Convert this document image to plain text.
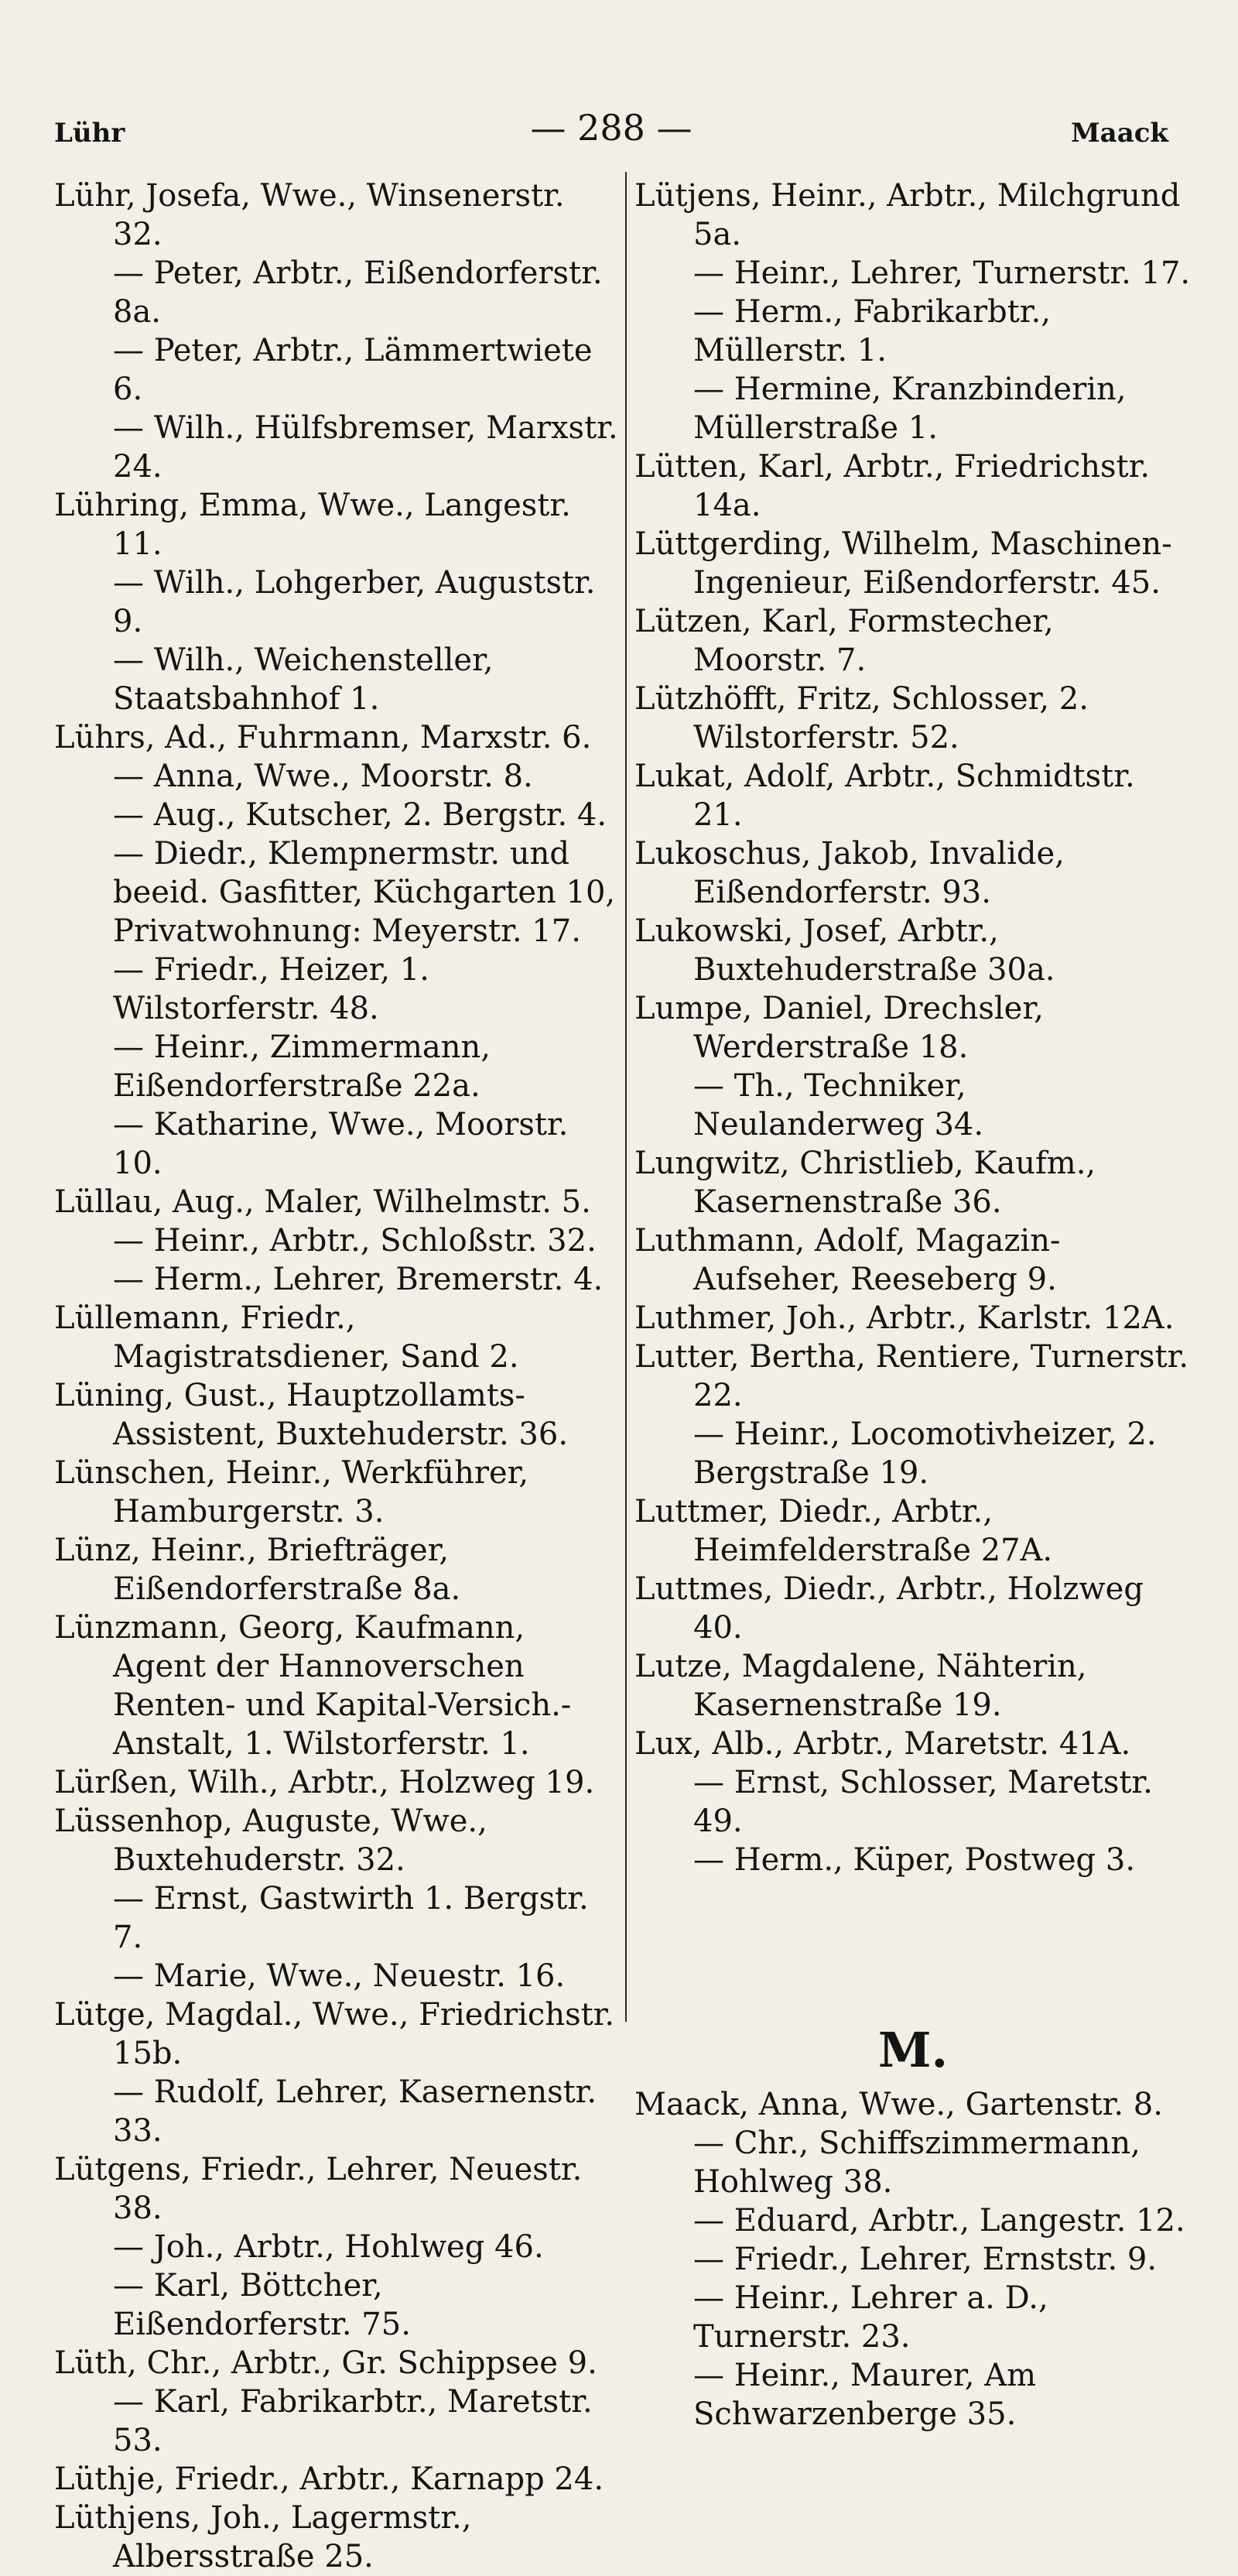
Lühr	— 288 —	Maack
Lühr, Josefa, Wwe., Winsenerstr. 32.
— Peter, Arbtr., Eißendorferstr. 8a.
— Peter, Arbtr., Lämmertwiete 6.
— Wilh., Hülfsbremser, Marxstr. 24.
Lühring, Emma, Wwe., Langestr. 11.
— Wilh., Lohgerber, Auguststr. 9.
— Wilh., Weichensteller, Staatsbahnhof 1.
Lührs, Ad., Fuhrmann, Marxstr. 6.
— Anna, Wwe., Moorstr. 8.
— Aug., Kutscher, 2. Bergstr. 4.
— Diedr., Klempnermstr. und beeid. Gasfitter, Küchgarten 10, Privatwohnung: Meyerstr. 17.
— Friedr., Heizer, 1. Wilstorferstr. 48.
— Heinr., Zimmermann, Eißendorferstraße 22a.
— Katharine, Wwe., Moorstr. 10.
Lüllau, Aug., Maler, Wilhelmstr. 5.
— Heinr., Arbtr., Schloßstr. 32.
— Herm., Lehrer, Bremerstr. 4.
Lüllemann, Friedr., Magistratsdiener, Sand 2.
Lüning, Gust., Hauptzollamts-Assistent, Buxtehuderstr. 36.
Lünschen, Heinr., Werkführer, Hamburgerstr. 3.
Lünz, Heinr., Briefträger, Eißendorferstraße 8a.
Lünzmann, Georg, Kaufmann, Agent der Hannoverschen Renten- und Kapital-Versich.-Anstalt, 1. Wilstorferstr. 1.
Lürßen, Wilh., Arbtr., Holzweg 19.
Lüssenhop, Auguste, Wwe., Buxtehuderstr. 32.
— Ernst, Gastwirth 1. Bergstr. 7.
— Marie, Wwe., Neuestr. 16.
Lütge, Magdal., Wwe., Friedrichstr. 15b.
— Rudolf, Lehrer, Kasernenstr. 33.
Lütgens, Friedr., Lehrer, Neuestr. 38.
— Joh., Arbtr., Hohlweg 46.
— Karl, Böttcher, Eißendorferstr. 75.
Lüth, Chr., Arbtr., Gr. Schippsee 9.
— Karl, Fabrikarbtr., Maretstr. 53.
Lüthje, Friedr., Arbtr., Karnapp 24.
Lüthjens, Joh., Lagermstr., Albersstraße 25.
Lütjens, Heinr., Arbtr., Milchgrund 5a.
— Heinr., Lehrer, Turnerstr. 17.
— Herm., Fabrikarbtr., Müllerstr. 1.
— Hermine, Kranzbinderin, Müllerstraße 1.
Lütten, Karl, Arbtr., Friedrichstr. 14a.
Lüttgerding, Wilhelm, Maschinen-Ingenieur, Eißendorferstr. 45.
Lützen, Karl, Formstecher, Moorstr. 7.
Lützhöfft, Fritz, Schlosser, 2. Wilstorferstr. 52.
Lukat, Adolf, Arbtr., Schmidtstr. 21.
Lukoschus, Jakob, Invalide, Eißendorferstr. 93.
Lukowski, Josef, Arbtr., Buxtehuderstraße 30a.
Lumpe, Daniel, Drechsler, Werderstraße 18.
— Th., Techniker, Neulanderweg 34.
Lungwitz, Christlieb, Kaufm., Kasernenstraße 36.
Luthmann, Adolf, Magazin-Aufseher, Reeseberg 9.
Luthmer, Joh., Arbtr., Karlstr. 12A.
Lutter, Bertha, Rentiere, Turnerstr. 22.
— Heinr., Locomotivheizer, 2. Bergstraße 19.
Luttmer, Diedr., Arbtr., Heimfelderstraße 27A.
Luttmes, Diedr., Arbtr., Holzweg 40.
Lutze, Magdalene, Nähterin, Kasernenstraße 19.
Lux, Alb., Arbtr., Maretstr. 41A.
— Ernst, Schlosser, Maretstr. 49.
— Herm., Küper, Postweg 3.
M.
Maack, Anna, Wwe., Gartenstr. 8.
— Chr., Schiffszimmermann, Hohlweg 38.
— Eduard, Arbtr., Langestr. 12.
— Friedr., Lehrer, Ernststr. 9.
— Heinr., Lehrer a. D., Turnerstr. 23.
— Heinr., Maurer, Am Schwarzenberge 35.
